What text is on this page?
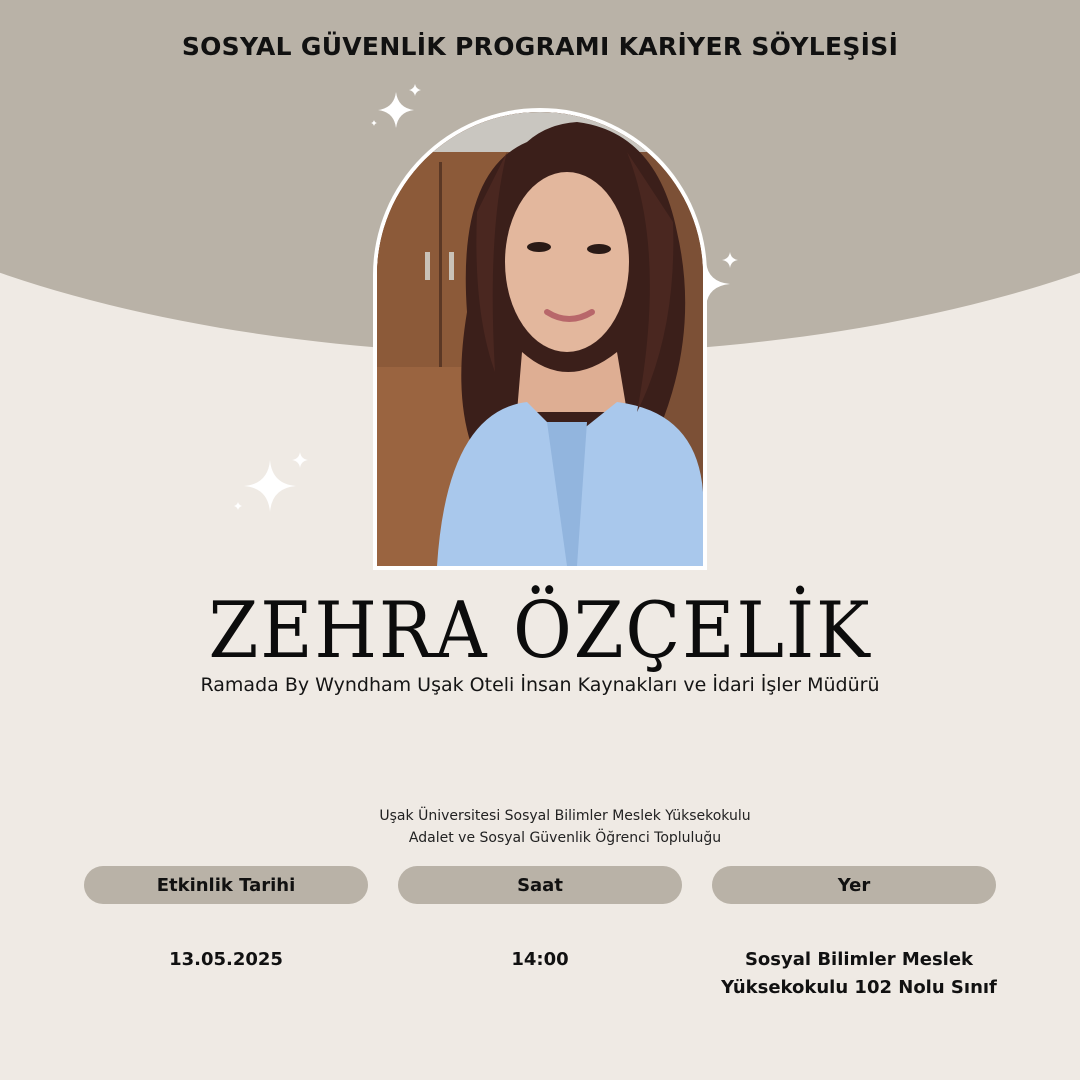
SOSYAL GÜVENLİK PROGRAMI KARİYER SÖYLEŞİSİ
ZEHRA ÖZÇELİK
Ramada By Wyndham Uşak Oteli İnsan Kaynakları ve İdari İşler Müdürü
Uşak Üniversitesi Sosyal Bilimler Meslek Yüksekokulu
Adalet ve Sosyal Güvenlik Öğrenci Topluluğu
Etkinlik Tarihi	Saat	Yer
13.05.2025	14:00	Sosyal Bilimler Meslek
Yüksekokulu 102 Nolu Sınıf
